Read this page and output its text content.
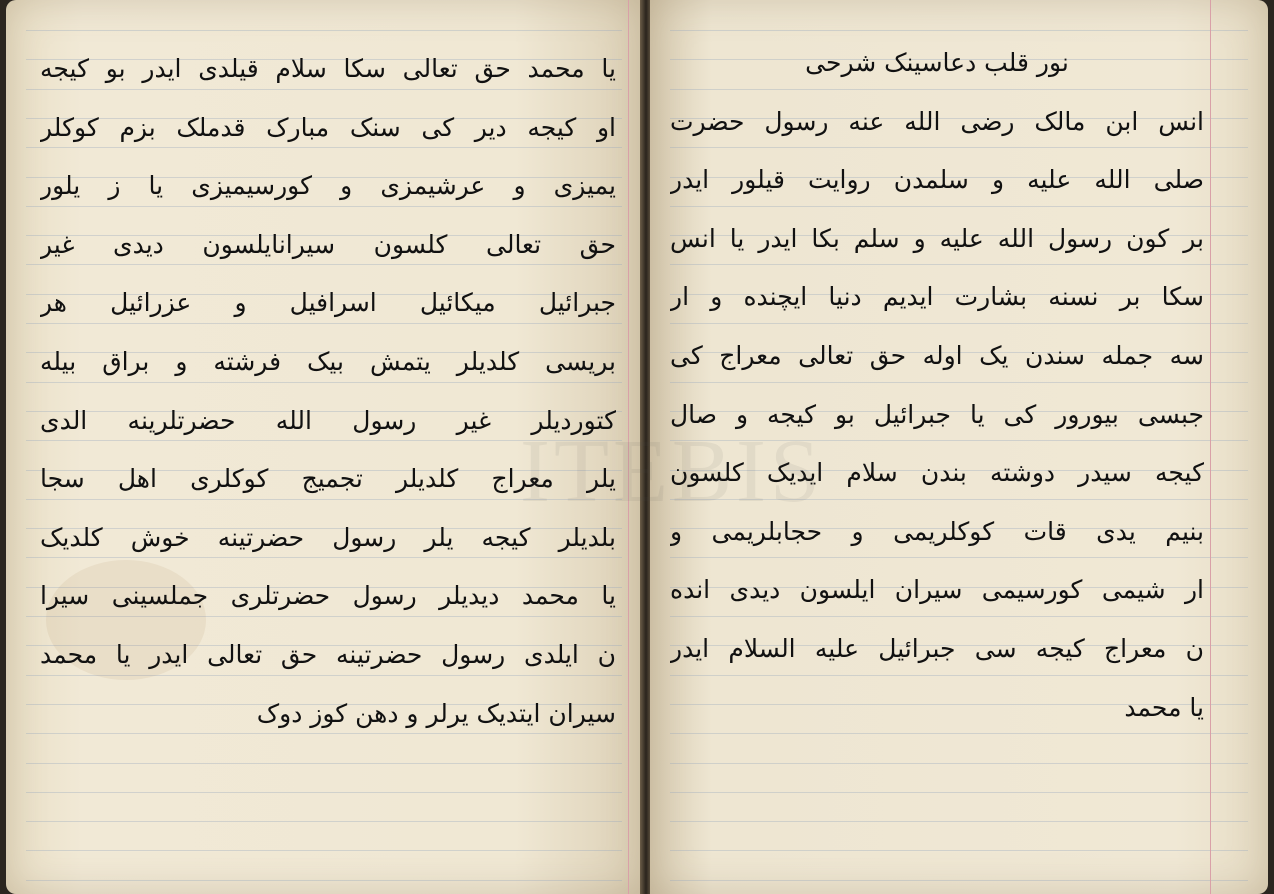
یا محمد حق تعالی سکا سلام قیلدی ایدر بو کیجه
او کیجه دیر کی سنک مبارک قدملک بزم کوکلر
یمیزی و عرشیمزی و کورسیمیزی یا ز یلور
حق تعالی کلسون سیرانایلسون دیدی غیر
جبرائیل میکائیل اسرافیل و عزرائیل هر
بریسی کلدیلر یتمش بیک فرشته و براق بیله
کتوردیلر غیر رسول الله حضرتلرینه الدی
یلر معراج کلدیلر تجمیج کوکلری اهل سجا
بلدیلر کیجه یلر رسول حضرتینه خوش کلدیک
یا محمد دیدیلر رسول حضرتلری جملسینی سیرا
ن ایلدی رسول حضرتینه حق تعالی ایدر یا محمد
سیران ایتدیک یرلر و دهن کوز دوک
نور قلب دعاسینک شرحی
انس ابن مالک رضی الله عنه رسول حضرت
صلی الله علیه و سلمدن روایت قیلور ایدر
بر کون رسول الله علیه و سلم بکا ایدر یا انس
سکا بر نسنه بشارت ایدیم دنیا ایچنده و ار
سه جمله سندن یک اوله حق تعالی معراج کی
جبسی بیورور کی یا جبرائیل بو کیجه و صال
کیجه سیدر دوشته بندن سلام ایدیک کلسون
بنیم یدی قات کوکلریمی و حجابلریمی و
ار شیمی کورسیمی سیران ایلسون دیدی انده
ن معراج کیجه سی جبرائیل علیه السلام ایدر
یا محمد
ITEBIS
